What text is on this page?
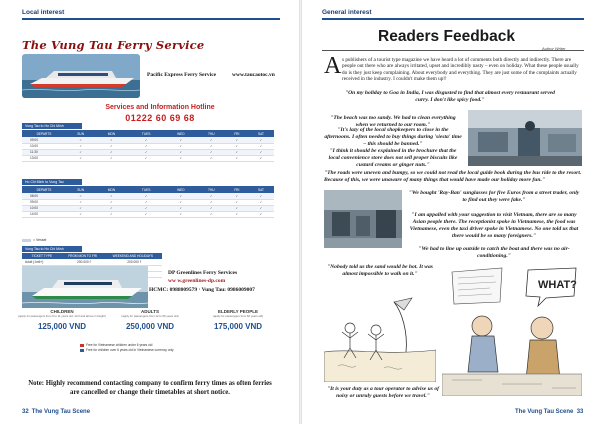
Local interest
The Vung Tau Ferry Service
Pacific Express Ferry Service	www.taucaotoc.vn
Services and Information Hotline
01222 60 69 68
Vung Tau to Ho Chi Minh
DEPARTS	SUN	MON	TUES	WED	THU	FRI	SAT
09:00	✓	✓	✓	✓	✓	✓	✓
10:00	✓	✓	✓	✓	✓	✓	✓
11:30	✓	✓	✓	✓	✓	✓	✓
13:00	✓	✓	✓	✓	✓	✓	✓
Ho Chi Minh to Vung Tau
DEPARTS	SUN	MON	TUES	WED	THU	FRI	SAT
08:00	✓	✓	✓	✓	✓	✓	✓
09:00	✓	✓	✓	✓	✓	✓	✓
10:00	✓	✓	✓	✓	✓	✓	✓
14:00	✓	✓	✓	✓	✓	✓	✓
= Vessel
Vung Tau to Ho Chi Minh
TICKET TYPE	FROM MON TO FRI	WEEKEND AND HOLIDAYS
Adult (1m6+)	200.000 ₫	200.000 ₫

DP Greenlines Ferry Services
ww w.greenlines-dp.com
HCMC: 0988009579 · Vung Tau: 0986009007
CHILDREN
(apply for passengers from 6 to 11 years old, 1m3 and above in height)
125,000 VND
ADULTS
(apply for passengers from 12 to 59 years old)
250,000 VND
ELDERLY PEOPLE
(apply for passengers from 60 years old)
175,000 VND
Free for Vietnamese children under 6 years old
Free for children over 6 years old in Vietnamese currency only
Note: Highly recommend contacting company to confirm ferry times as often ferries are cancelled or change their timetables at short notice.
32 The Vung Tau Scene
General interest
Readers Feedback
Author Writer
A s publishers of a tourist type magazine we have heard a lot of comments both directly and indirectly. There are people out there who are always irritated, upset and incredibly nasty – even on holiday. What these people usually do is they just keep complaining. About everybody and everything. They are just some of the complaints actually received in the industry. I couldn't make them up!!
"On my holiday to Goa in India, I was disgusted to find that almost every restaurant served curry. I don't like spicy food."
"The beach was too sandy. We had to clean everything when we returned to our room."
"It's lazy of the local shopkeepers to close in the afternoons. I often needed to buy things during 'siesta' time – this should be banned."
"I think it should be explained in the brochure that the local convenience store does not sell proper biscuits like custard creams or ginger nuts."
"The roads were uneven and bumpy, so we could not read the local guide book during the bus ride to the resort. Because of this, we were unaware of many things that would have made our holiday more fun."
"We bought 'Ray-Ban' sunglasses for five Euros from a street trader, only to find out they were fake."
"I am appalled with your suggestion to visit Vietnam, there are so many Asian people there. The receptionist spoke in Vietnamese, the food was Vietnamese, even the taxi driver spoke in Vietnamese. No one told us that there would be so many foreigners."
"We had to line up outside to catch the boat and there was no air-conditioning."
"Nobody told us the sand would be hot. It was almost impossible to walk on it."
"It is your duty as a tour operator to advise us of noisy or unruly guests before we travel."
WHAT?
The Vung Tau Scene 33
